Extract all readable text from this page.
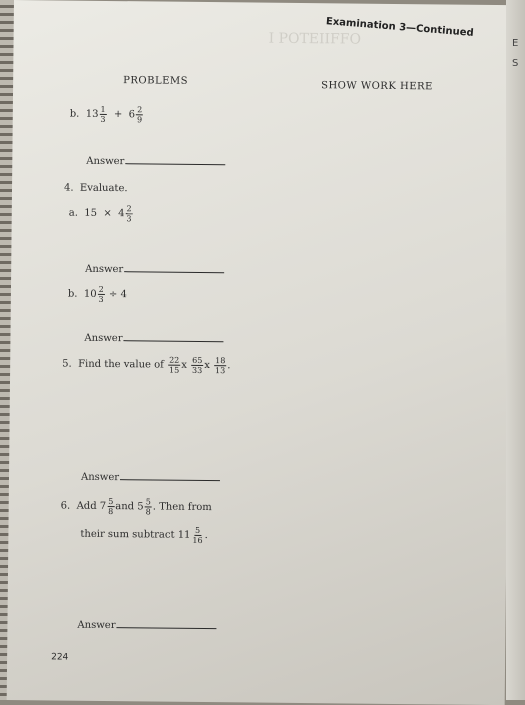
I POTEIIFFO
Examination 3—Continued
PROBLEMS	SHOW WORK HERE
b. $13 \frac{1}{3} + 6 \frac{2}{9}$
Answer
4. Evaluate.
a. $15 \times 4 \frac{2}{3}$
Answer
b. $10 \frac{2}{3} \div 4$
Answer
5. Find the value of $\frac{22}{15}$ x $\frac{65}{33}$ x $\frac{18}{13}$ .
Answer
6. Add $7 \frac{5}{8}$ and $5 \frac{5}{8}$ . Then from
their sum subtract $11 \frac{5}{16}$ .
Answer
224
E
S
